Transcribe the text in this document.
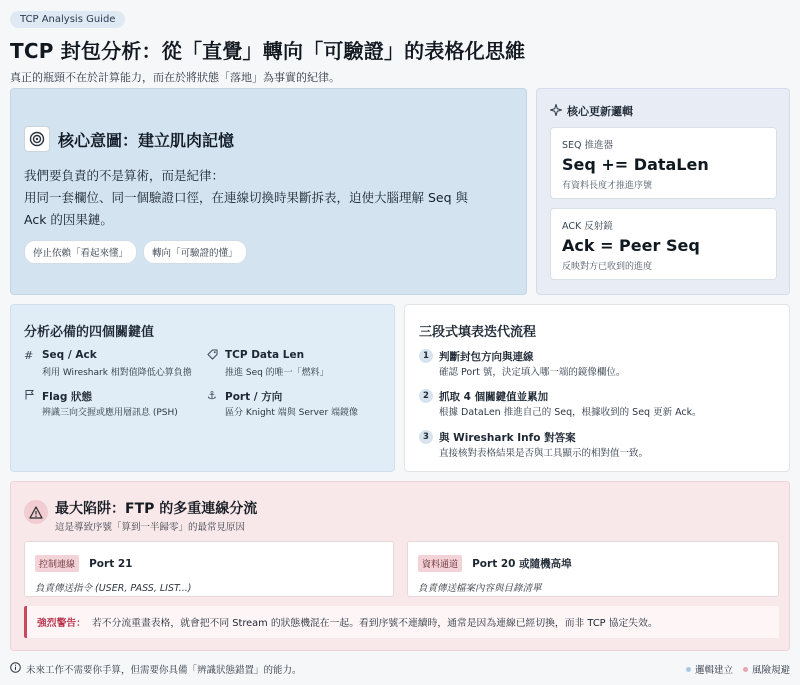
TCP Analysis Guide
TCP 封包分析：從「直覺」轉向「可驗證」的表格化思維
真正的瓶頸不在於計算能力，而在於將狀態「落地」為事實的紀律。
核心意圖：建立肌肉記憶
我們要負責的不是算術，而是紀律：
用同一套欄位、同一個驗證口徑，在連線切換時果斷拆表，迫使大腦理解 Seq 與
Ack 的因果鏈。
停止依賴「看起來懂」	轉向「可驗證的懂」
核心更新邏輯
SEQ 推進器
Seq += DataLen
有資料長度才推進序號
ACK 反射鏡
Ack = Peer Seq
反映對方已收到的進度
分析必備的四個關鍵值
# Seq / Ack
利用 Wireshark 相對值降低心算負擔
TCP Data Len
推進 Seq 的唯一「燃料」
Flag 狀態
辨識三向交握或應用層訊息 (PSH)
⚓ Port / 方向
區分 Knight 端與 Server 端鏡像
三段式填表迭代流程
1 判斷封包方向與連線
確認 Port 號，決定填入哪一端的鏡像欄位。
2 抓取 4 個關鍵值並累加
根據 DataLen 推進自己的 Seq，根據收到的 Seq 更新 Ack。
3 與 Wireshark Info 對答案
直接核對表格結果是否與工具顯示的相對值一致。
最大陷阱：FTP 的多重連線分流
這是導致序號「算到一半歸零」的最常見原因
控制連線 Port 21
負責傳送指令 (USER, PASS, LIST...)
資料通道 Port 20 或隨機高埠
負責傳送檔案內容與目錄清單
強烈警告： 若不分流重畫表格，就會把不同 Stream 的狀態機混在一起。看到序號不連續時，通常是因為連線已經切換，而非 TCP 協定失效。
未來工作不需要你手算，但需要你具備「辨識狀態錯置」的能力。	邏輯建立 風險規避
